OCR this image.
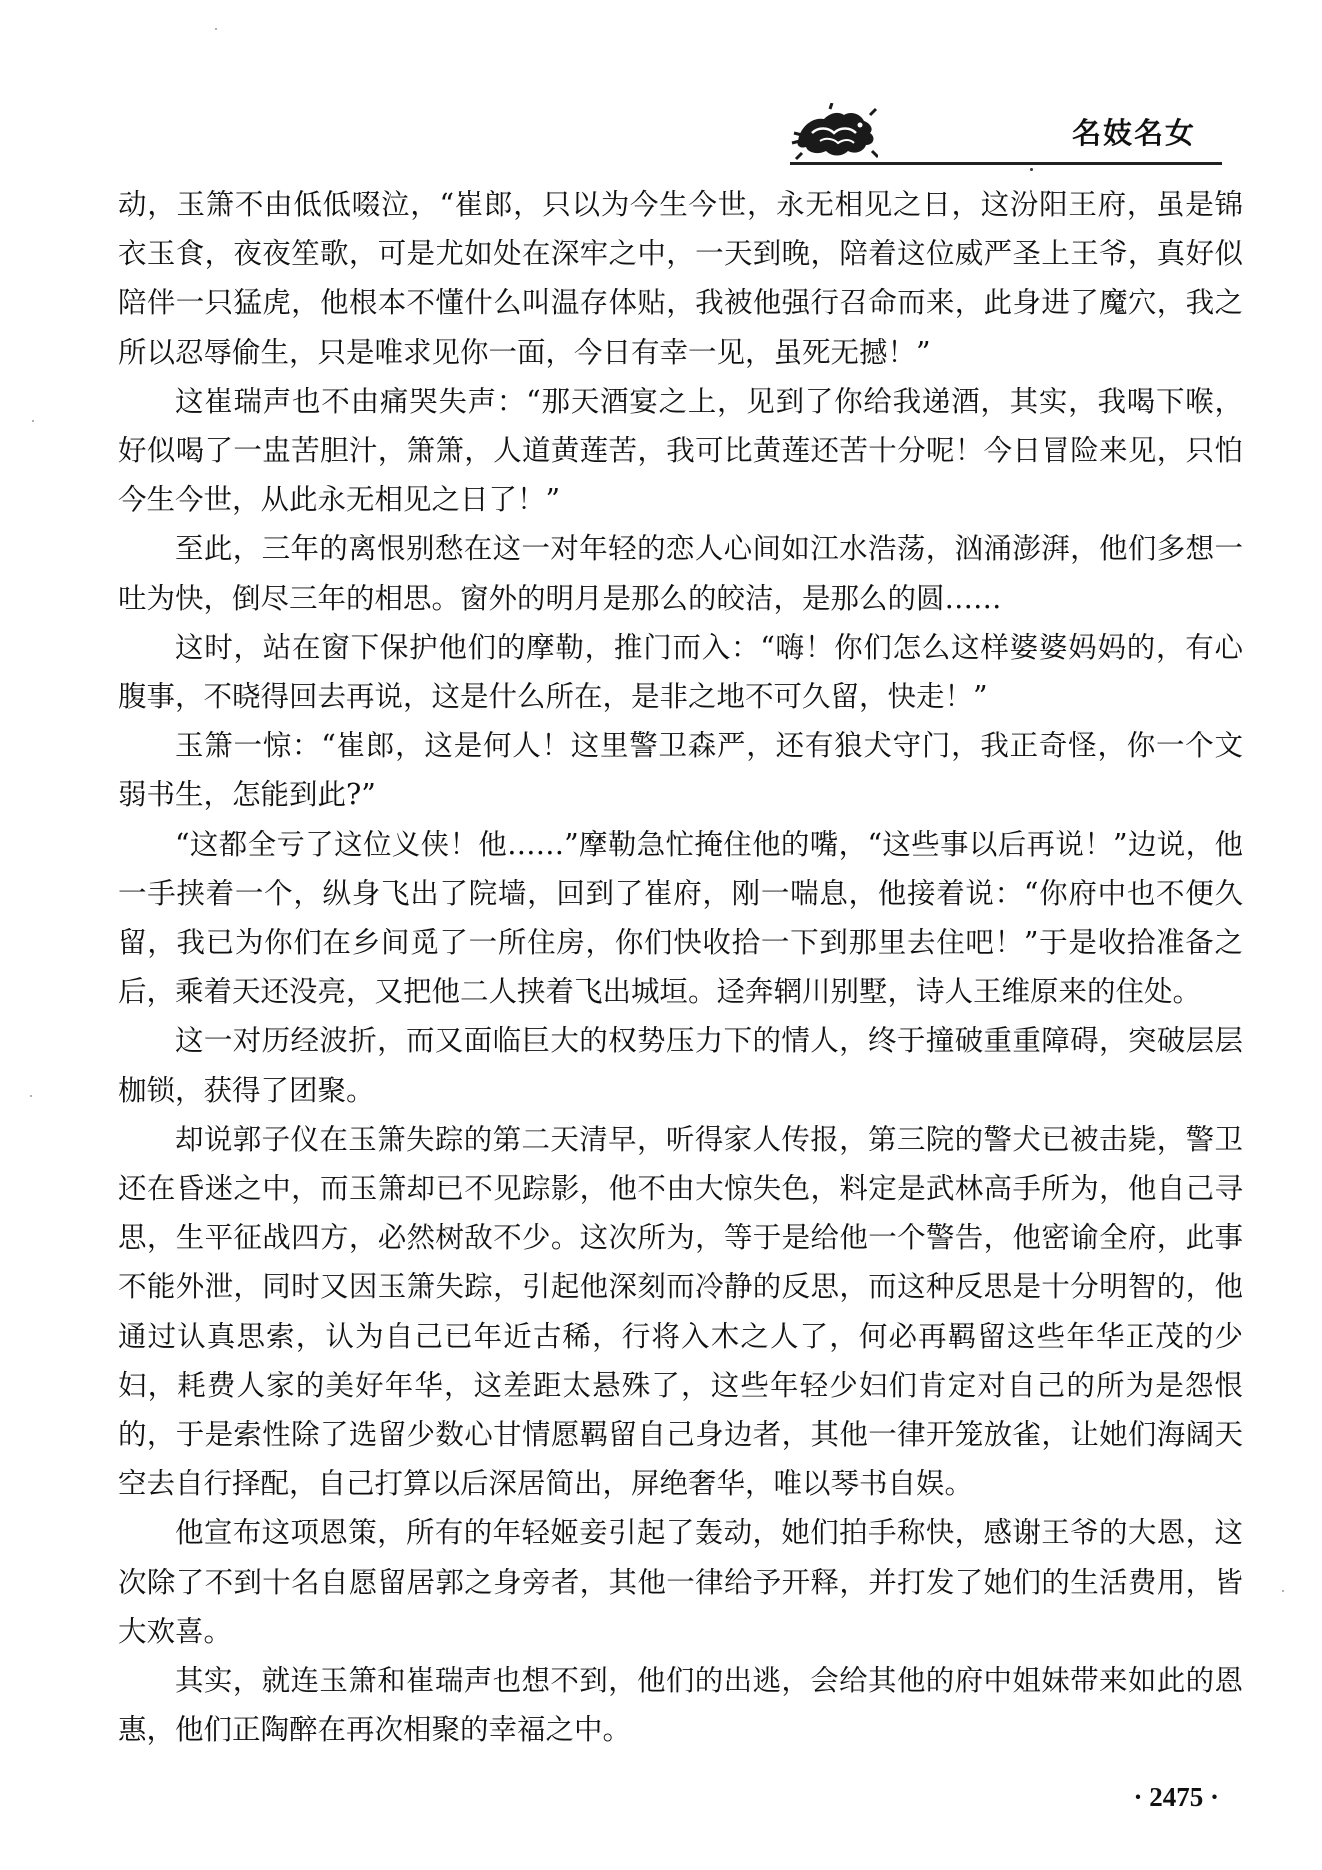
名妓名女

动，玉箫不由低低啜泣，“崔郎，只以为今生今世，永无相见之日，这汾阳王府，虽是锦衣玉食，夜夜笙歌，可是尤如处在深牢之中，一天到晚，陪着这位威严圣上王爷，真好似陪伴一只猛虎，他根本不懂什么叫温存体贴，我被他强行召命而来，此身进了魔穴，我之所以忍辱偷生，只是唯求见你一面，今日有幸一见，虽死无撼！”

这崔瑞声也不由痛哭失声：“那天酒宴之上，见到了你给我递酒，其实，我喝下喉，好似喝了一盅苦胆汁，箫箫，人道黄莲苦，我可比黄莲还苦十分呢！今日冒险来见，只怕今生今世，从此永无相见之日了！”

至此，三年的离恨别愁在这一对年轻的恋人心间如江水浩荡，汹涌澎湃，他们多想一吐为快，倒尽三年的相思。窗外的明月是那么的皎洁，是那么的圆……

这时，站在窗下保护他们的摩勒，推门而入：“嗨！你们怎么这样婆婆妈妈的，有心腹事，不晓得回去再说，这是什么所在，是非之地不可久留，快走！”

玉箫一惊：“崔郎，这是何人！这里警卫森严，还有狼犬守门，我正奇怪，你一个文弱书生，怎能到此?”

“这都全亏了这位义侠！他……”摩勒急忙掩住他的嘴，“这些事以后再说！”边说，他一手挟着一个，纵身飞出了院墙，回到了崔府，刚一喘息，他接着说：“你府中也不便久留，我已为你们在乡间觅了一所住房，你们快收拾一下到那里去住吧！”于是收拾准备之后，乘着天还没亮，又把他二人挟着飞出城垣。迳奔辋川别墅，诗人王维原来的住处。

这一对历经波折，而又面临巨大的权势压力下的情人，终于撞破重重障碍，突破层层枷锁，获得了团聚。

却说郭子仪在玉箫失踪的第二天清早，听得家人传报，第三院的警犬已被击毙，警卫还在昏迷之中，而玉箫却已不见踪影，他不由大惊失色，料定是武林高手所为，他自己寻思，生平征战四方，必然树敌不少。这次所为，等于是给他一个警告，他密谕全府，此事不能外泄，同时又因玉箫失踪，引起他深刻而冷静的反思，而这种反思是十分明智的，他通过认真思索，认为自己已年近古稀，行将入木之人了，何必再羁留这些年华正茂的少妇，耗费人家的美好年华，这差距太悬殊了，这些年轻少妇们肯定对自己的所为是怨恨的，于是索性除了选留少数心甘情愿羁留自己身边者，其他一律开笼放雀，让她们海阔天空去自行择配，自己打算以后深居简出，屏绝奢华，唯以琴书自娱。

他宣布这项恩策，所有的年轻姬妾引起了轰动，她们拍手称快，感谢王爷的大恩，这次除了不到十名自愿留居郭之身旁者，其他一律给予开释，并打发了她们的生活费用，皆大欢喜。

其实，就连玉箫和崔瑞声也想不到，他们的出逃，会给其他的府中姐妹带来如此的恩惠，他们正陶醉在再次相聚的幸福之中。

· 2475 ·
